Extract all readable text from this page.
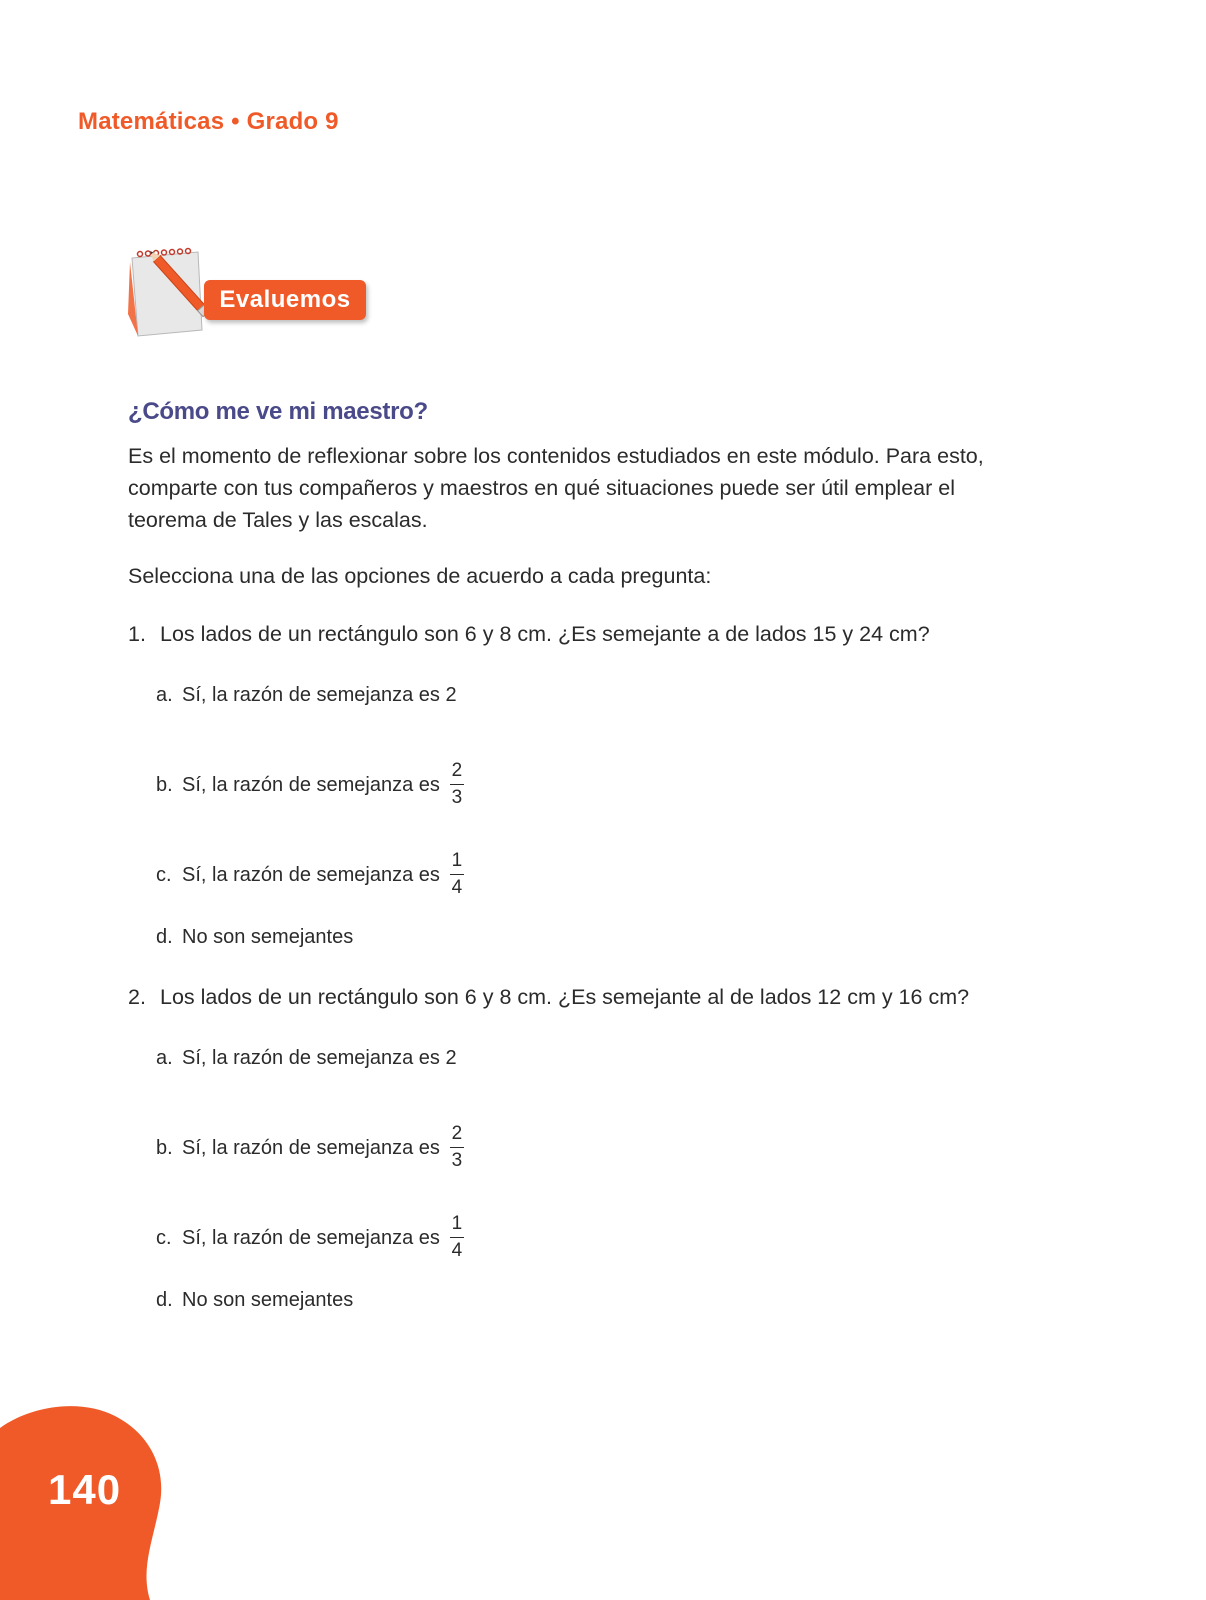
Matemáticas • Grado 9
Evaluemos
¿Cómo me ve mi maestro?
Es el momento de reflexionar sobre los contenidos estudiados en este módulo. Para esto, comparte con tus compañeros y maestros en qué situaciones puede ser útil emplear el teorema de Tales y las escalas.
Selecciona una de las opciones de acuerdo a cada pregunta:
1. Los lados de un rectángulo son 6 y 8 cm. ¿Es semejante a de lados 15 y 24 cm?
a. Sí, la razón de semejanza es 2
b. Sí, la razón de semejanza es $\frac{2}{3}$
c. Sí, la razón de semejanza es $\frac{1}{4}$
d. No son semejantes
2. Los lados de un rectángulo son 6 y 8 cm. ¿Es semejante al de lados 12 cm y 16 cm?
a. Sí, la razón de semejanza es 2
b. Sí, la razón de semejanza es $\frac{2}{3}$
c. Sí, la razón de semejanza es $\frac{1}{4}$
d. No son semejantes
140
